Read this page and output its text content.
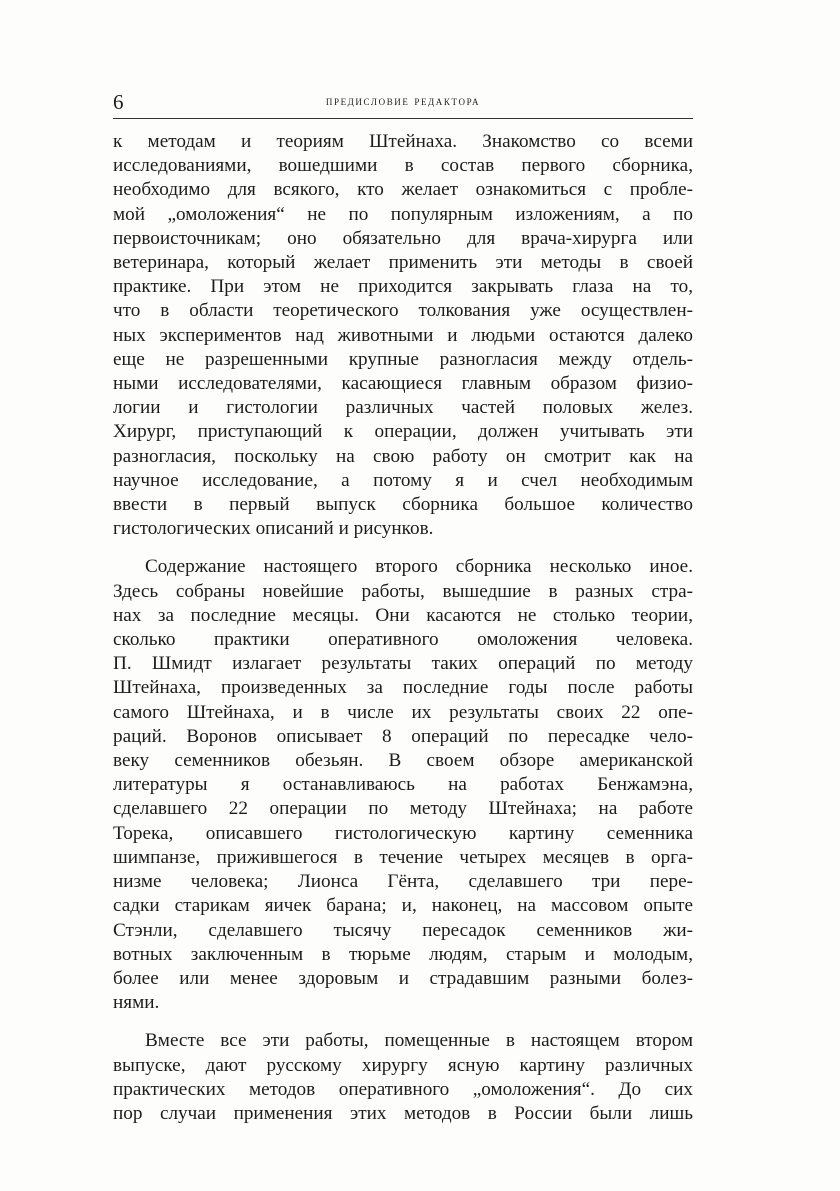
6	предисловие редактора
к методам и теориям Штейнаха. Знакомство со всеми
исследованиями, вошедшими в состав первого сборника,
необходимо для всякого, кто желает ознакомиться с пробле-
мой „омоложения“ не по популярным изложениям, а по
первоисточникам; оно обязательно для врача-хирурга или
ветеринара, который желает применить эти методы в своей
практике. При этом не приходится закрывать глаза на то,
что в области теоретического толкования уже осуществлен-
ных экспериментов над животными и людьми остаются далеко
еще не разрешенными крупные разногласия между отдель-
ными исследователями, касающиеся главным образом физио-
логии и гистологии различных частей половых желез.
Хирург, приступающий к операции, должен учитывать эти
разногласия, поскольку на свою работу он смотрит как на
научное исследование, а потому я и счел необходимым
ввести в первый выпуск сборника большое количество
гистологических описаний и рисунков.
Содержание настоящего второго сборника несколько иное.
Здесь собраны новейшие работы, вышедшие в разных стра-
нах за последние месяцы. Они касаются не столько теории,
сколько практики оперативного омоложения человека.
П. Шмидт излагает результаты таких операций по методу
Штейнаха, произведенных за последние годы после работы
самого Штейнаха, и в числе их результаты своих 22 опе-
раций. Воронов описывает 8 операций по пересадке чело-
веку семенников обезьян. В своем обзоре американской
литературы я останавливаюсь на работах Бенжамэна,
сделавшего 22 операции по методу Штейнаха; на работе
Торека, описавшего гистологическую картину семенника
шимпанзе, прижившегося в течение четырех месяцев в орга-
низме человека; Лионса Гёнта, сделавшего три пере-
садки старикам яичек барана; и, наконец, на массовом опыте
Стэнли, сделавшего тысячу пересадок семенников жи-
вотных заключенным в тюрьме людям, старым и молодым,
более или менее здоровым и страдавшим разными болез-
нями.
Вместе все эти работы, помещенные в настоящем втором
выпуске, дают русскому хирургу ясную картину различных
практических методов оперативного „омоложения“. До сих
пор случаи применения этих методов в России были лишь
